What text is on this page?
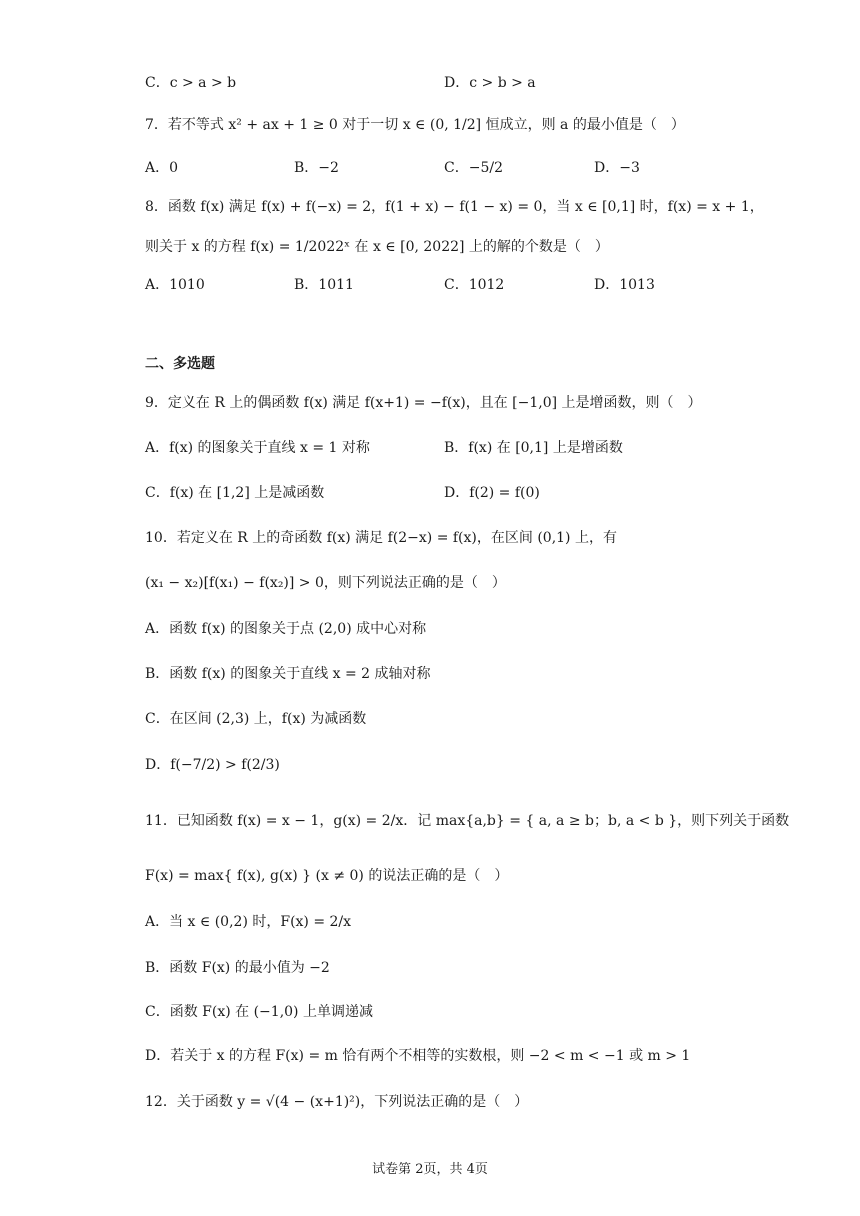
C．c > a > b	D．c > b > a
7．若不等式 x² + ax + 1 ≥ 0 对于一切 x ∈ (0, 1/2] 恒成立，则 a 的最小值是（　）
A．0	B．−2	C．−5/2	D．−3
8．函数 f(x) 满足 f(x) + f(−x) = 2，f(1 + x) − f(1 − x) = 0，当 x ∈ [0,1] 时，f(x) = x + 1，
则关于 x 的方程 f(x) = 1/2022ˣ 在 x ∈ [0, 2022] 上的解的个数是（　）
A．1010	B．1011	C．1012	D．1013
二、多选题
9．定义在 R 上的偶函数 f(x) 满足 f(x+1) = −f(x)，且在 [−1,0] 上是增函数，则（　）
A．f(x) 的图象关于直线 x = 1 对称	B．f(x) 在 [0,1] 上是增函数
C．f(x) 在 [1,2] 上是减函数	D．f(2) = f(0)
10．若定义在 R 上的奇函数 f(x) 满足 f(2−x) = f(x)，在区间 (0,1) 上，有
(x₁ − x₂)[f(x₁) − f(x₂)] > 0，则下列说法正确的是（　）
A．函数 f(x) 的图象关于点 (2,0) 成中心对称
B．函数 f(x) 的图象关于直线 x = 2 成轴对称
C．在区间 (2,3) 上，f(x) 为减函数
D．f(−7/2) > f(2/3)
11．已知函数 f(x) = x − 1，g(x) = 2/x．记 max{a,b} = { a, a ≥ b；b, a < b }，则下列关于函数
F(x) = max{ f(x), g(x) } (x ≠ 0) 的说法正确的是（　）
A．当 x ∈ (0,2) 时，F(x) = 2/x
B．函数 F(x) 的最小值为 −2
C．函数 F(x) 在 (−1,0) 上单调递减
D．若关于 x 的方程 F(x) = m 恰有两个不相等的实数根，则 −2 < m < −1 或 m > 1
12．关于函数 y = √(4 − (x+1)²)，下列说法正确的是（　）
试卷第 2页，共 4页
